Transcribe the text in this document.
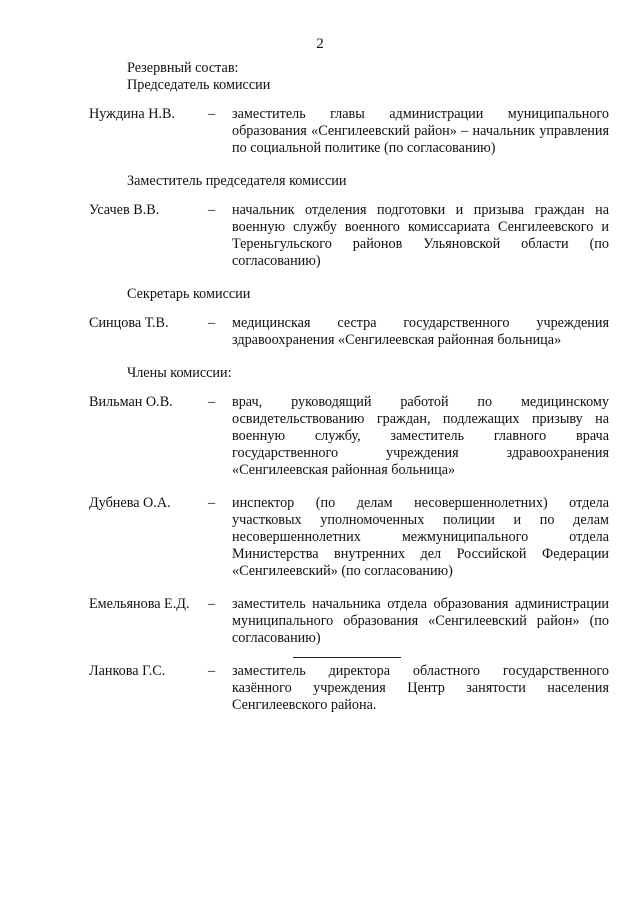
2

Резервный состав:

Председатель комиссии

Нуждина Н.В.	–	заместитель главы администрации муниципального образования «Сенгилеевский район» – начальник управления по социальной политике (по согласованию)

Заместитель председателя комиссии

Усачев В.В.	–	начальник отделения подготовки и призыва граждан на военную службу военного комиссариата Сенгилеевского и Тереньгульского районов Ульяновской области (по согласованию)

Секретарь комиссии

Синцова Т.В.	–	медицинская сестра государственного учреждения здравоохранения «Сенгилеевская районная больница»

Члены комиссии:

Вильман О.В.	–	врач, руководящий работой по медицинскому освидетельствованию граждан, подлежащих призыву на военную службу, заместитель главного врача государственного учреждения здравоохранения «Сенгилеевская районная больница»
Дубнева О.А.	–	инспектор (по делам несовершеннолетних) отдела участковых уполномоченных полиции и по делам несовершеннолетних межмуниципального отдела Министерства внутренних дел Российской Федерации «Сенгилеевский» (по согласованию)
Емельянова Е.Д.	–	заместитель начальника отдела образования администрации муниципального образования «Сенгилеевский район» (по согласованию)
Ланкова Г.С.	–	заместитель директора областного государственного казённого учреждения Центр занятости населения Сенгилеевского района.
